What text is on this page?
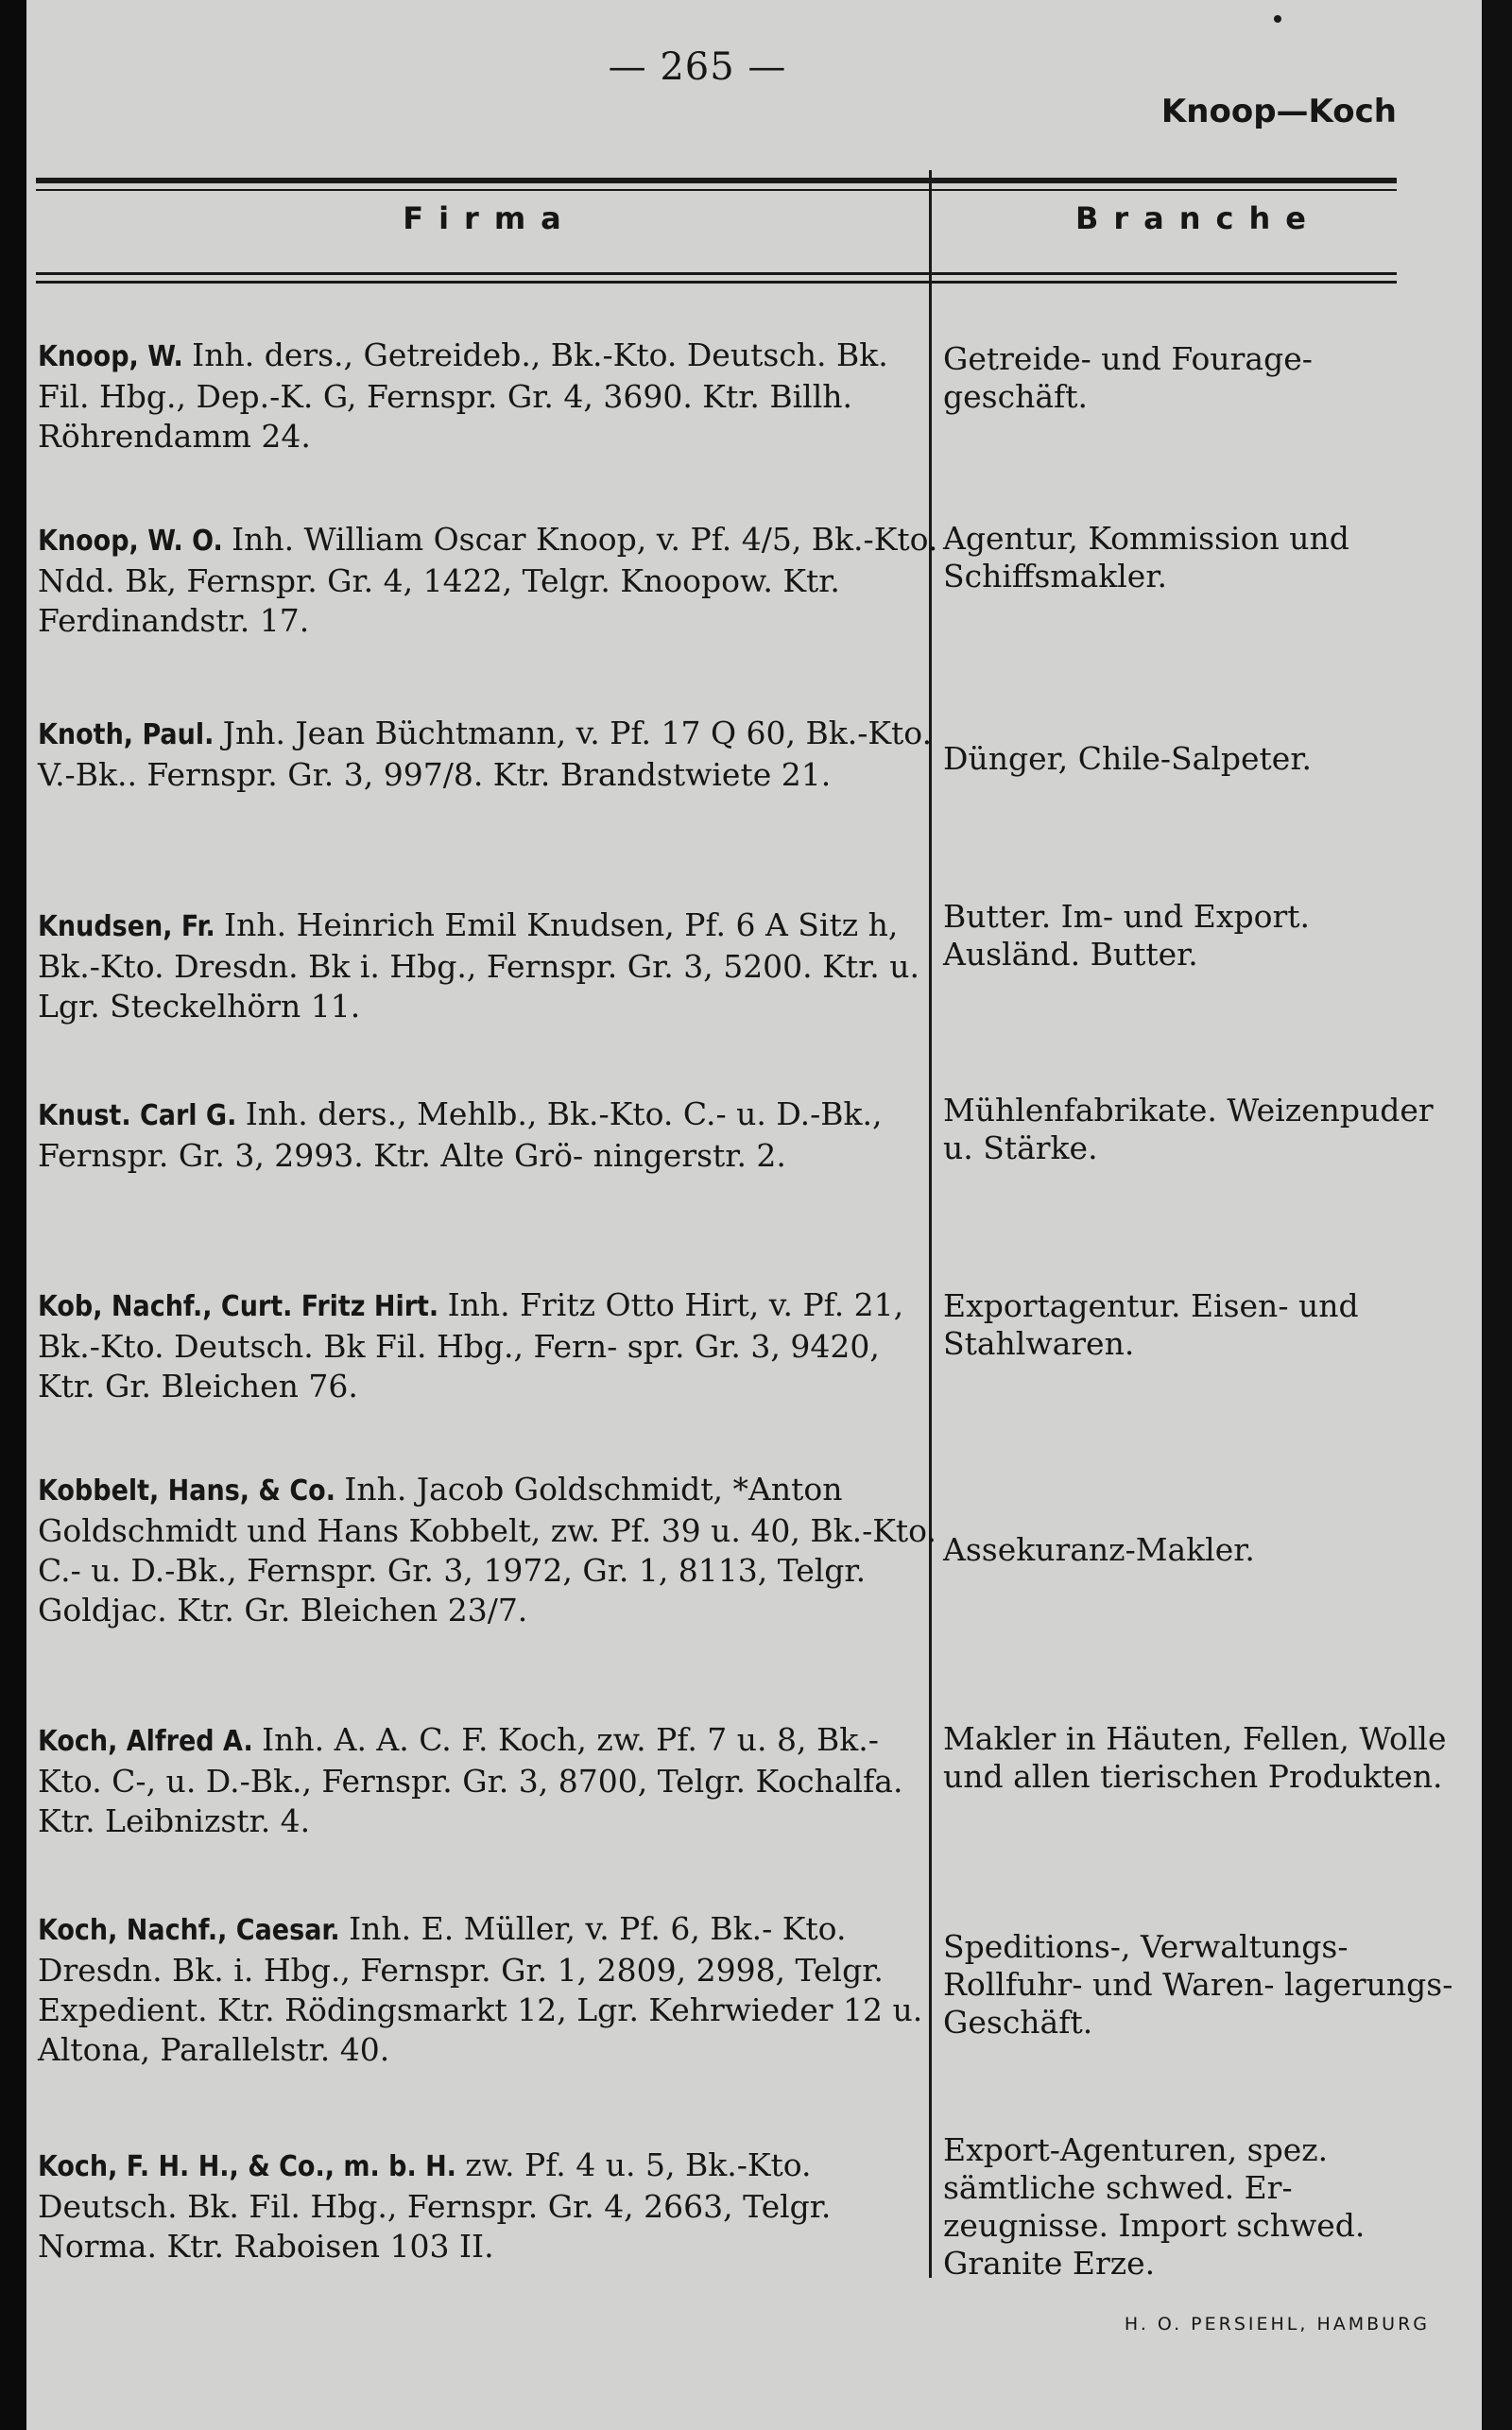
— 265 —
Knoop—Koch
Firma	Branche
Knoop, W. Inh. ders., Getreideb., Bk.-Kto. Deutsch. Bk. Fil. Hbg., Dep.-K. G, Fernspr. Gr. 4, 3690. Ktr. Billh. Röhrendamm 24.
Getreide- und Fourage- geschäft.
Knoop, W. O. Inh. William Oscar Knoop, v. Pf. 4/5, Bk.-Kto. Ndd. Bk, Fernspr. Gr. 4, 1422, Telgr. Knoopow. Ktr. Ferdinandstr. 17.
Agentur, Kommission und Schiffsmakler.
Knoth, Paul. Jnh. Jean Büchtmann, v. Pf. 17 Q 60, Bk.-Kto. V.-Bk.. Fernspr. Gr. 3, 997/8. Ktr. Brandstwiete 21.	Dünger, Chile-Salpeter.
Knudsen, Fr. Inh. Heinrich Emil Knudsen, Pf. 6 A Sitz h, Bk.-Kto. Dresdn. Bk i. Hbg., Fernspr. Gr. 3, 5200. Ktr. u. Lgr. Steckelhörn 11.
Butter. Im- und Export. Ausländ. Butter.
Knust. Carl G. Inh. ders., Mehlb., Bk.-Kto. C.- u. D.-Bk., Fernspr. Gr. 3, 2993. Ktr. Alte Grö- ningerstr. 2.
Mühlenfabrikate. Weizenpuder u. Stärke.
Kob, Nachf., Curt. Fritz Hirt. Inh. Fritz Otto Hirt, v. Pf. 21, Bk.-Kto. Deutsch. Bk Fil. Hbg., Fern- spr. Gr. 3, 9420, Ktr. Gr. Bleichen 76.
Exportagentur. Eisen- und Stahlwaren.
Kobbelt, Hans, & Co. Inh. Jacob Goldschmidt, *Anton Goldschmidt und Hans Kobbelt, zw. Pf. 39 u. 40, Bk.-Kto. C.- u. D.-Bk., Fernspr. Gr. 3, 1972, Gr. 1, 8113, Telgr. Goldjac. Ktr. Gr. Bleichen 23/7.
Assekuranz-Makler.
Koch, Alfred A. Inh. A. A. C. F. Koch, zw. Pf. 7 u. 8, Bk.-Kto. C-, u. D.-Bk., Fernspr. Gr. 3, 8700, Telgr. Kochalfa. Ktr. Leibnizstr. 4.
Makler in Häuten, Fellen, Wolle und allen tierischen Produkten.
Koch, Nachf., Caesar. Inh. E. Müller, v. Pf. 6, Bk.- Kto. Dresdn. Bk. i. Hbg., Fernspr. Gr. 1, 2809, 2998, Telgr. Expedient. Ktr. Rödingsmarkt 12, Lgr. Kehrwieder 12 u. Altona, Parallelstr. 40.
Speditions-, Verwaltungs- Rollfuhr- und Waren- lagerungs-Geschäft.
Koch, F. H. H., & Co., m. b. H. zw. Pf. 4 u. 5, Bk.-Kto. Deutsch. Bk. Fil. Hbg., Fernspr. Gr. 4, 2663, Telgr. Norma. Ktr. Raboisen 103 II.
Export-Agenturen, spez. sämtliche schwed. Er- zeugnisse. Import schwed. Granite Erze.
H. O. PERSIEHL, HAMBURG
